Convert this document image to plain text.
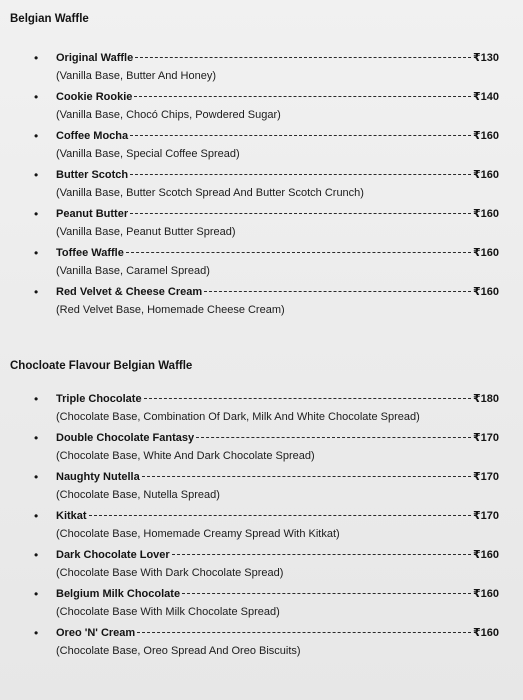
Belgian Waffle
• Original Waffle	₹130
(Vanilla Base, Butter And Honey)
• Cookie Rookie	₹140
(Vanilla Base, Chocó Chips, Powdered Sugar)
• Coffee Mocha	₹160
(Vanilla Base, Special Coffee Spread)
• Butter Scotch	₹160
(Vanilla Base, Butter Scotch Spread And Butter Scotch Crunch)
• Peanut Butter	₹160
(Vanilla Base, Peanut Butter Spread)
• Toffee Waffle	₹160
(Vanilla Base, Caramel Spread)
• Red Velvet & Cheese Cream	₹160
(Red Velvet Base, Homemade Cheese Cream)
Chocloate Flavour Belgian Waffle
• Triple Chocolate	₹180
(Chocolate Base, Combination Of Dark, Milk And White Chocolate Spread)
• Double Chocolate Fantasy	₹170
(Chocolate Base, White And Dark Chocolate Spread)
• Naughty Nutella	₹170
(Chocolate Base, Nutella Spread)
• Kitkat	₹170
(Chocolate Base, Homemade Creamy Spread With Kitkat)
• Dark Chocolate Lover	₹160
(Chocolate Base With Dark Chocolate Spread)
• Belgium Milk Chocolate	₹160
(Chocolate Base With Milk Chocolate Spread)
• Oreo 'N' Cream	₹160
(Chocolate Base, Oreo Spread And Oreo Biscuits)
